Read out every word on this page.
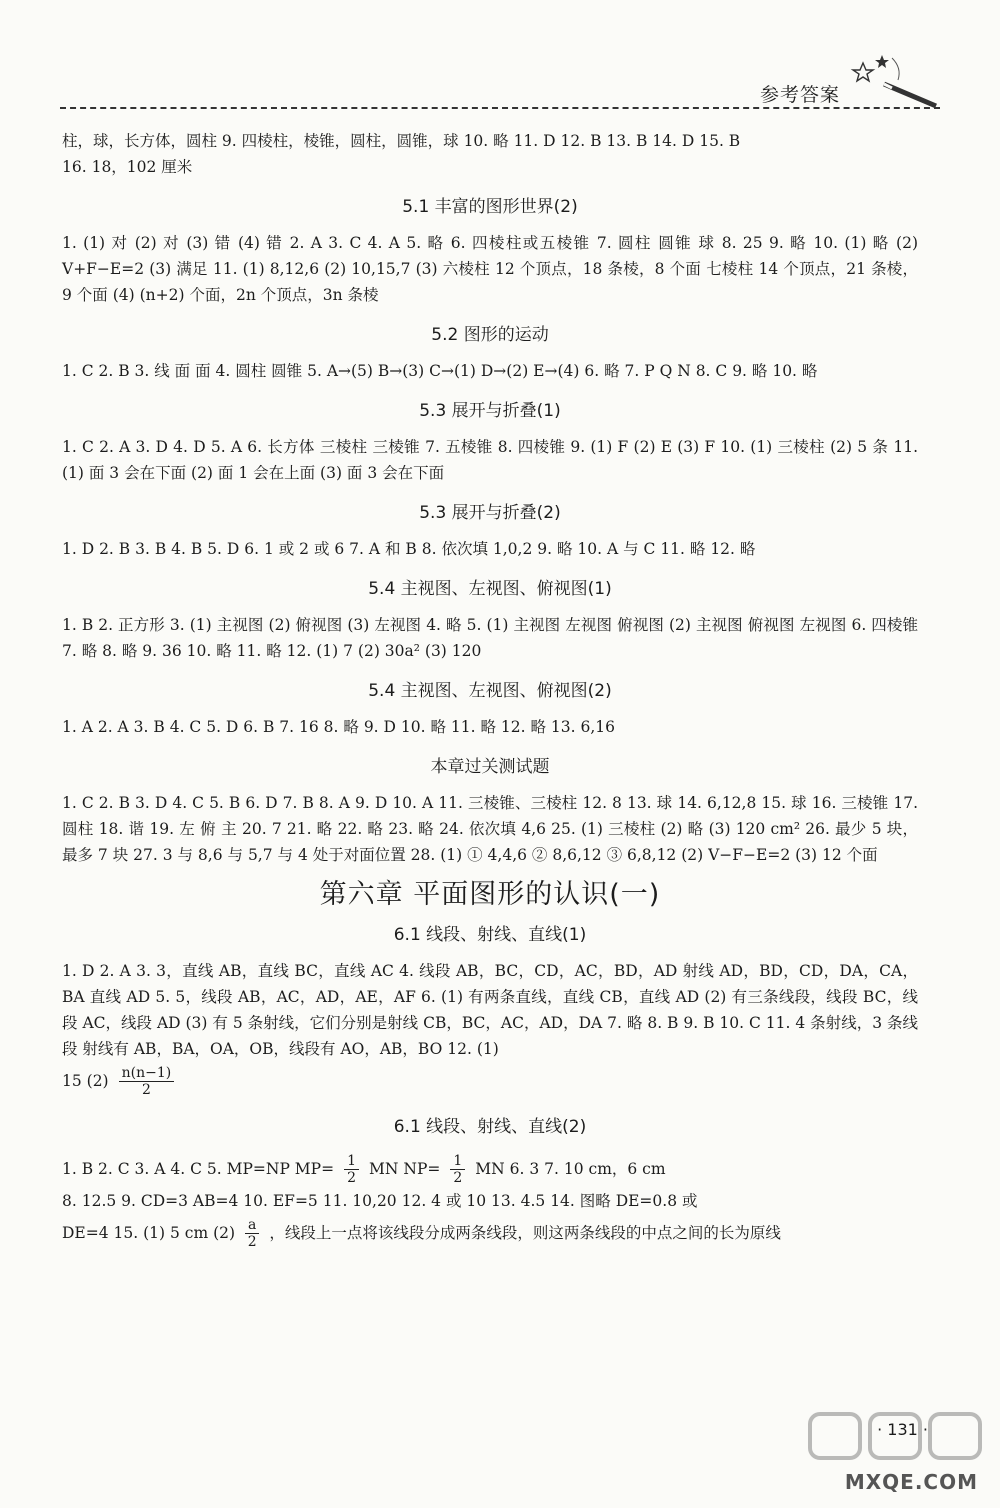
参考答案

柱，球，长方体，圆柱 9. 四棱柱，棱锥，圆柱，圆锥，球 10. 略 11. D 12. B 13. B 14. D 15. B

16. 18，102 厘米

5.1 丰富的图形世界(2)

1. (1) 对 (2) 对 (3) 错 (4) 错 2. A 3. C 4. A 5. 略 6. 四棱柱或五棱锥 7. 圆柱 圆锥 球 8. 25 9. 略 10. (1) 略 (2) V+F−E=2 (3) 满足 11. (1) 8,12,6 (2) 10,15,7 (3) 六棱柱 12 个顶点，18 条棱，8 个面 七棱柱 14 个顶点，21 条棱，9 个面 (4) (n+2) 个面，2n 个顶点，3n 条棱

5.2 图形的运动

1. C 2. B 3. 线 面 面 4. 圆柱 圆锥 5. A→(5) B→(3) C→(1) D→(2) E→(4) 6. 略 7. P Q N 8. C 9. 略 10. 略

5.3 展开与折叠(1)

1. C 2. A 3. D 4. D 5. A 6. 长方体 三棱柱 三棱锥 7. 五棱锥 8. 四棱锥 9. (1) F (2) E (3) F 10. (1) 三棱柱 (2) 5 条 11. (1) 面 3 会在下面 (2) 面 1 会在上面 (3) 面 3 会在下面

5.3 展开与折叠(2)

1. D 2. B 3. B 4. B 5. D 6. 1 或 2 或 6 7. A 和 B 8. 依次填 1,0,2 9. 略 10. A 与 C 11. 略 12. 略

5.4 主视图、左视图、俯视图(1)

1. B 2. 正方形 3. (1) 主视图 (2) 俯视图 (3) 左视图 4. 略 5. (1) 主视图 左视图 俯视图 (2) 主视图 俯视图 左视图 6. 四棱锥 7. 略 8. 略 9. 36 10. 略 11. 略 12. (1) 7 (2) 30a² (3) 120

5.4 主视图、左视图、俯视图(2)

1. A 2. A 3. B 4. C 5. D 6. B 7. 16 8. 略 9. D 10. 略 11. 略 12. 略 13. 6,16

本章过关测试题

1. C 2. B 3. D 4. C 5. B 6. D 7. B 8. A 9. D 10. A 11. 三棱锥、三棱柱 12. 8 13. 球 14. 6,12,8 15. 球 16. 三棱锥 17. 圆柱 18. 谐 19. 左 俯 主 20. 7 21. 略 22. 略 23. 略 24. 依次填 4,6 25. (1) 三棱柱 (2) 略 (3) 120 cm² 26. 最少 5 块，最多 7 块 27. 3 与 8,6 与 5,7 与 4 处于对面位置 28. (1) ① 4,4,6 ② 8,6,12 ③ 6,8,12 (2) V−F−E=2 (3) 12 个面

第六章 平面图形的认识(一)
6.1 线段、射线、直线(1)

1. D 2. A 3. 3，直线 AB，直线 BC，直线 AC 4. 线段 AB，BC，CD，AC，BD，AD 射线 AD，BD，CD，DA，CA，BA 直线 AD 5. 5，线段 AB，AC，AD，AE，AF 6. (1) 有两条直线，直线 CB，直线 AD (2) 有三条线段，线段 BC，线段 AC，线段 AD (3) 有 5 条射线，它们分别是射线 CB，BC，AC，AD，DA 7. 略 8. B 9. B 10. C 11. 4 条射线，3 条线段 射线有 AB，BA，OA，OB，线段有 AO，AB，BO 12. (1)

15 $(2) \frac{n(n-1)}{2}$
6.1 线段、射线、直线(2)
1. B 2. C 3. A 4. C 5. MP=NP $MP= \frac{1}{2}$ MN $NP= \frac{1}{2}$ MN 6. 3 7. 10 cm，6 cm

8. 12.5 9. CD=3 AB=4 10. EF=5 11. 10,20 12. 4 或 10 13. 4.5 14. 图略 DE=0.8 或

DE=4 15. (1) 5 cm $(2) \frac{a}{2}$ ，线段上一点将该线段分成两条线段，则这两条线段的中点之间的长为原线
· 131 ·
MXQE.COM
